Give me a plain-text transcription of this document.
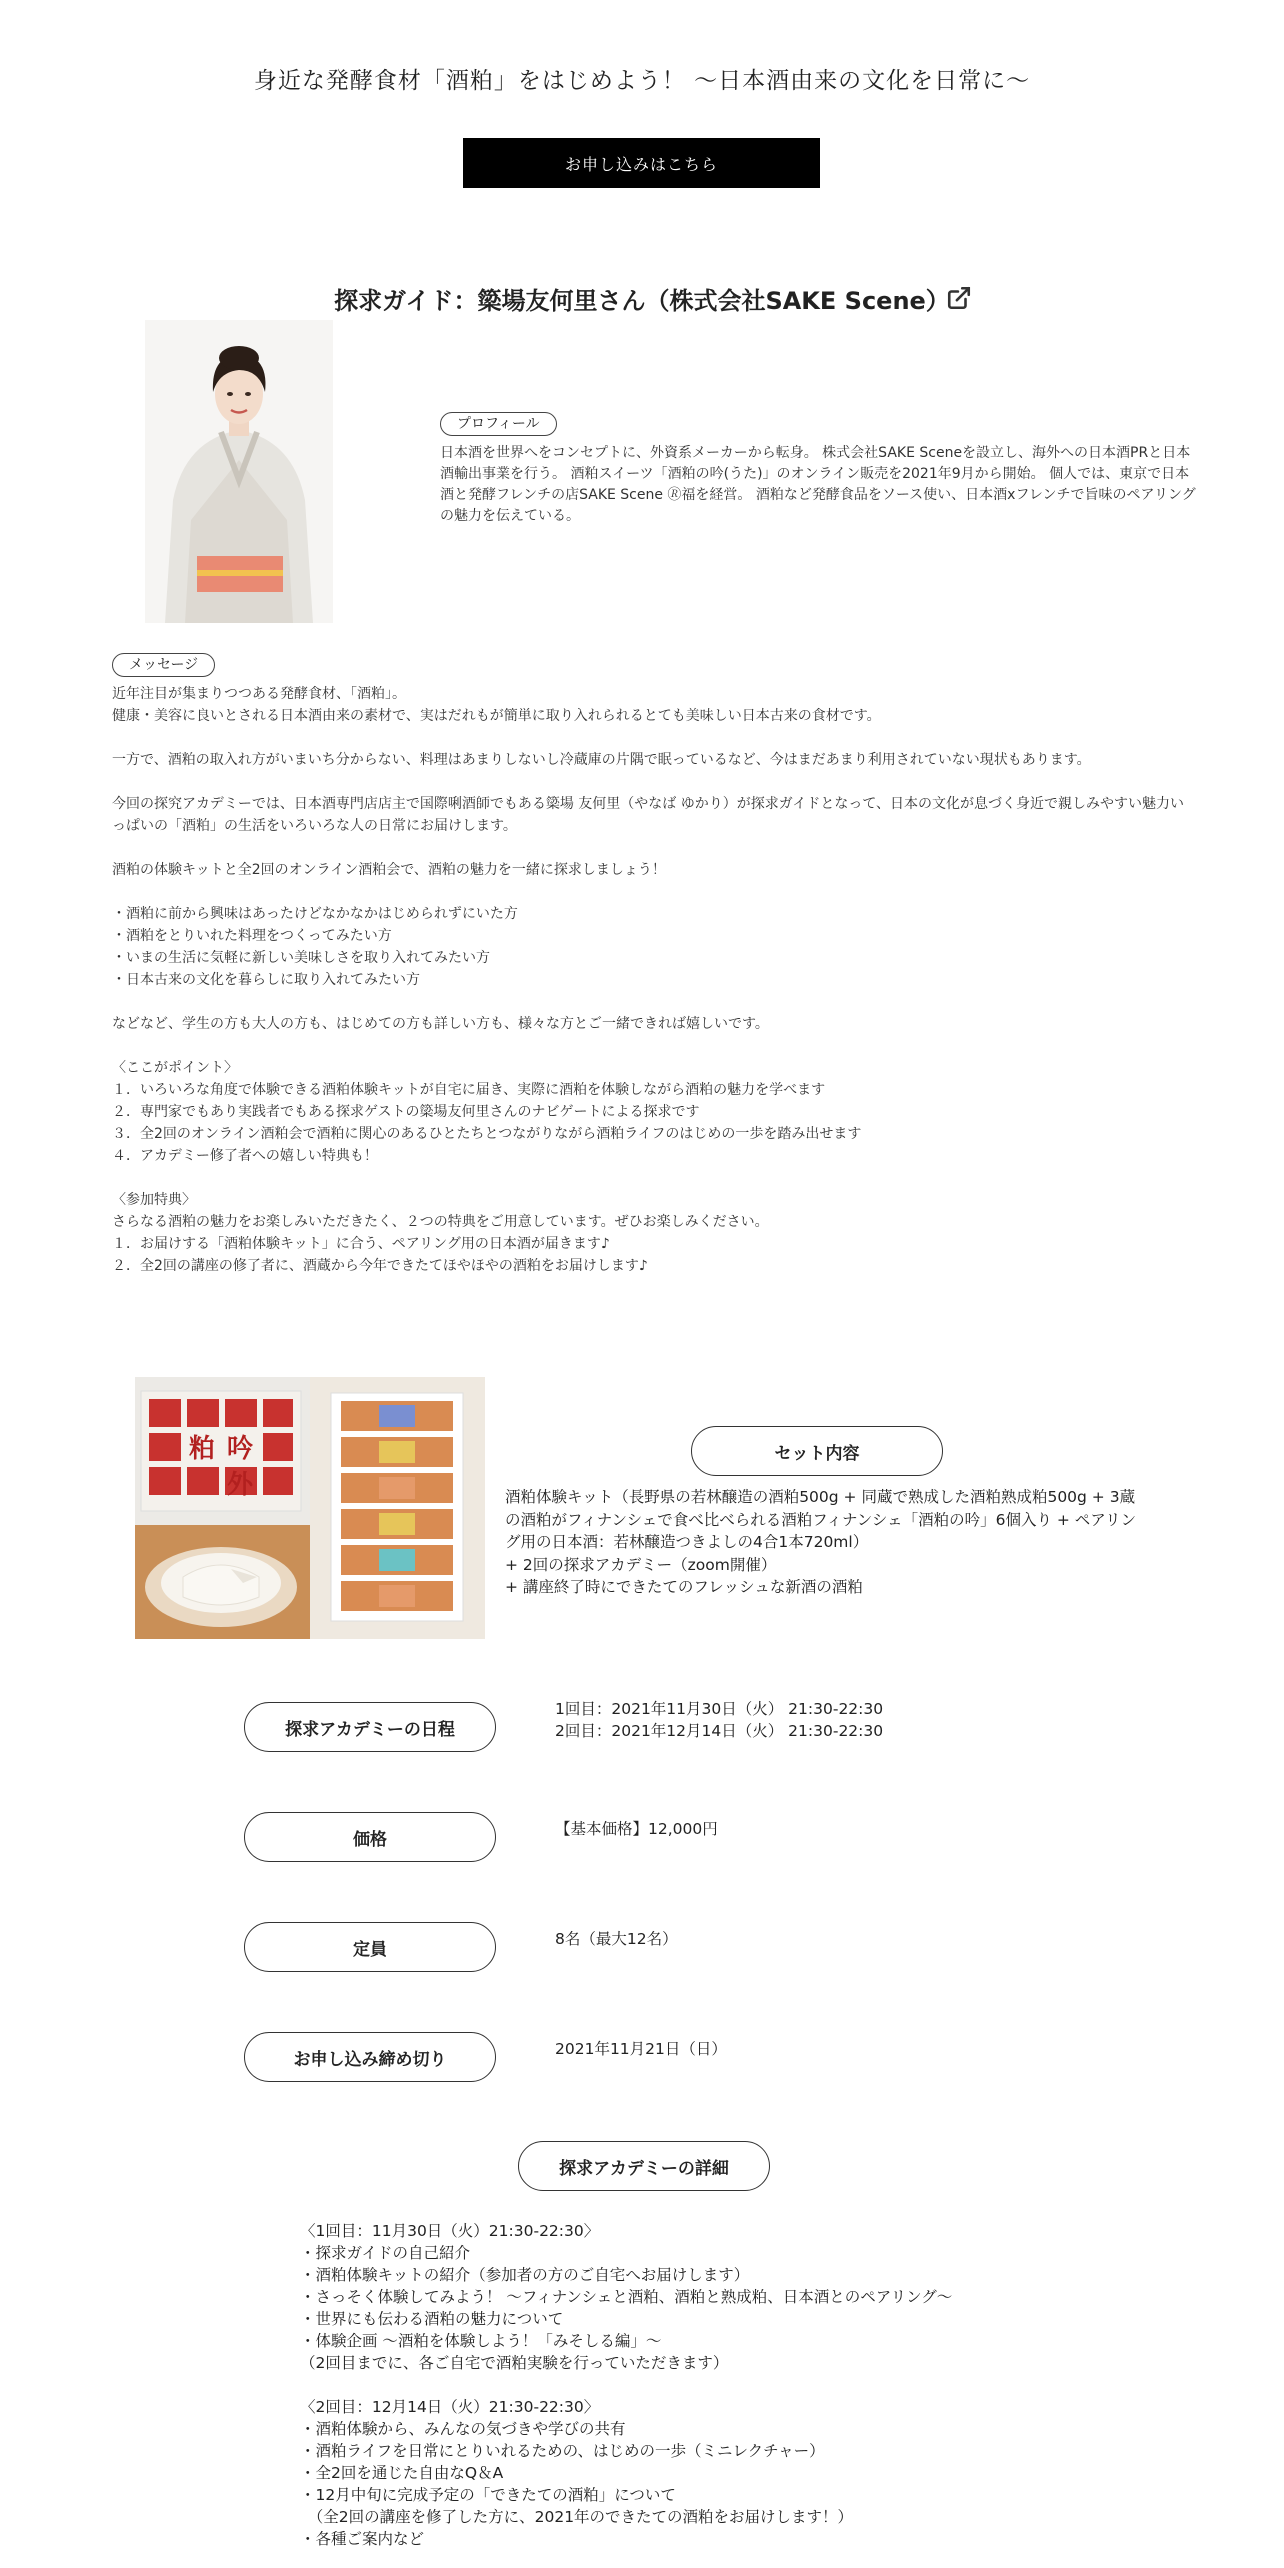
身近な発酵食材「酒粕」をはじめよう！ ～日本酒由来の文化を日常に～
お申し込みはこちら
探求ガイド：簗場友何里さん（株式会社SAKE Scene）
プロフィール
日本酒を世界へをコンセプトに、外資系メーカーから転身。 株式会社SAKE Sceneを設立し、海外への日本酒PRと日本酒輸出事業を行う。 酒粕スイーツ「酒粕の吟(うた)」のオンライン販売を2021年9月から開始。 個人では、東京で日本酒と発酵フレンチの店SAKE Scene 🄬福を経営。 酒粕など発酵食品をソース使い、日本酒xフレンチで旨味のペアリングの魅力を伝えている。
メッセージ

近年注目が集まりつつある発酵食材、「酒粕」。

健康・美容に良いとされる日本酒由来の素材で、実はだれもが簡単に取り入れられるとても美味しい日本古来の食材です。

一方で、酒粕の取入れ方がいまいち分からない、料理はあまりしないし冷蔵庫の片隅で眠っているなど、今はまだあまり利用されていない現状もあります。

今回の探究アカデミーでは、日本酒専門店店主で国際唎酒師でもある簗場 友何里（やなば ゆかり）が探求ガイドとなって、日本の文化が息づく身近で親しみやすい魅力いっぱいの「酒粕」の生活をいろいろな人の日常にお届けします。

酒粕の体験キットと全2回のオンライン酒粕会で、酒粕の魅力を一緒に探求しましょう！

・酒粕に前から興味はあったけどなかなかはじめられずにいた方

・酒粕をとりいれた料理をつくってみたい方

・いまの生活に気軽に新しい美味しさを取り入れてみたい方

・日本古来の文化を暮らしに取り入れてみたい方

などなど、学生の方も大人の方も、はじめての方も詳しい方も、様々な方とご一緒できれば嬉しいです。

〈ここがポイント〉

１．いろいろな角度で体験できる酒粕体験キットが自宅に届き、実際に酒粕を体験しながら酒粕の魅力を学べます

２．専門家でもあり実践者でもある探求ゲストの簗場友何里さんのナビゲートによる探求です

３．全2回のオンライン酒粕会で酒粕に関心のあるひとたちとつながりながら酒粕ライフのはじめの一歩を踏み出せます

４．アカデミー修了者への嬉しい特典も！

〈参加特典〉

さらなる酒粕の魅力をお楽しみいただきたく、２つの特典をご用意しています。ぜひお楽しみください。

１．お届けする「酒粕体験キット」に合う、ペアリング用の日本酒が届きます♪

２．全2回の講座の修了者に、酒蔵から今年できたてほやほやの酒粕をお届けします♪

粕 吟
外
セット内容
酒粕体験キット（長野県の若林醸造の酒粕500g + 同蔵で熟成した酒粕熟成粕500g + 3蔵の酒粕がフィナンシェで食べ比べられる酒粕フィナンシェ「酒粕の吟」6個入り + ペアリング用の日本酒：若林醸造つきよしの4合1本720ml）
+ 2回の探求アカデミー（zoom開催）
+ 講座終了時にできたてのフレッシュな新酒の酒粕
探求アカデミーの日程
1回目：2021年11月30日（火） 21:30-22:30
2回目：2021年12月14日（火） 21:30-22:30
価格
【基本価格】12,000円
定員
8名（最大12名）
お申し込み締め切り
2021年11月21日（日）
探求アカデミーの詳細

〈1回目：11月30日（火）21:30-22:30〉

・探求ガイドの自己紹介

・酒粕体験キットの紹介（参加者の方のご自宅へお届けします）

・さっそく体験してみよう！ ～フィナンシェと酒粕、酒粕と熟成粕、日本酒とのペアリング～

・世界にも伝わる酒粕の魅力について

・体験企画 ～酒粕を体験しよう！「みそしる編」～

（2回目までに、各ご自宅で酒粕実験を行っていただきます）

〈2回目：12月14日（火）21:30-22:30〉

・酒粕体験から、みんなの気づきや学びの共有

・酒粕ライフを日常にとりいれるための、はじめの一歩（ミニレクチャー）

・全2回を通じた自由なQ＆A

・12月中旬に完成予定の「できたての酒粕」について

　（全2回の講座を修了した方に、2021年のできたての酒粕をお届けします！）

・各種ご案内など
